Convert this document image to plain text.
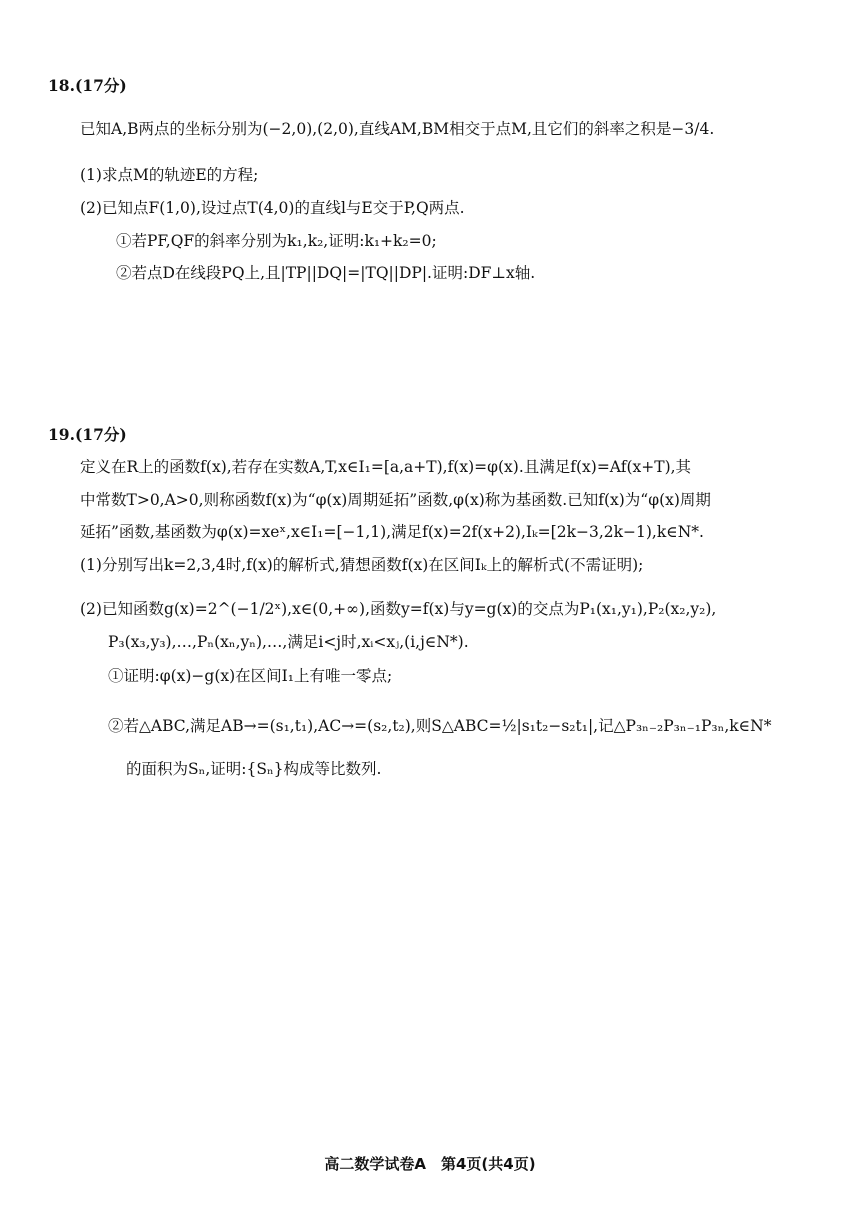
18.(17分)
已知A,B两点的坐标分别为(−2,0),(2,0),直线AM,BM相交于点M,且它们的斜率之积是−3/4.
(1)求点M的轨迹E的方程;
(2)已知点F(1,0),设过点T(4,0)的直线l与E交于P,Q两点.
①若PF,QF的斜率分别为k₁,k₂,证明:k₁+k₂=0;
②若点D在线段PQ上,且|TP||DQ|=|TQ||DP|.证明:DF⊥x轴.
19.(17分)
定义在R上的函数f(x),若存在实数A,T,x∈I₁=[a,a+T),f(x)=φ(x).且满足f(x)=Af(x+T),其
中常数T>0,A>0,则称函数f(x)为“φ(x)周期延拓”函数,φ(x)称为基函数.已知f(x)为“φ(x)周期
延拓”函数,基函数为φ(x)=xeˣ,x∈I₁=[−1,1),满足f(x)=2f(x+2),Iₖ=[2k−3,2k−1),k∈N*.
(1)分别写出k=2,3,4时,f(x)的解析式,猜想函数f(x)在区间Iₖ上的解析式(不需证明);
(2)已知函数g(x)=2^(−1/2ˣ),x∈(0,+∞),函数y=f(x)与y=g(x)的交点为P₁(x₁,y₁),P₂(x₂,y₂),
P₃(x₃,y₃),…,Pₙ(xₙ,yₙ),…,满足i<j时,xᵢ<xⱼ,(i,j∈N*).
①证明:φ(x)−g(x)在区间I₁上有唯一零点;
②若△ABC,满足AB→=(s₁,t₁),AC→=(s₂,t₂),则S△ABC=½|s₁t₂−s₂t₁|,记△P₃ₙ₋₂P₃ₙ₋₁P₃ₙ,k∈N*
的面积为Sₙ,证明:{Sₙ}构成等比数列.
高二数学试卷A　第4页(共4页)
